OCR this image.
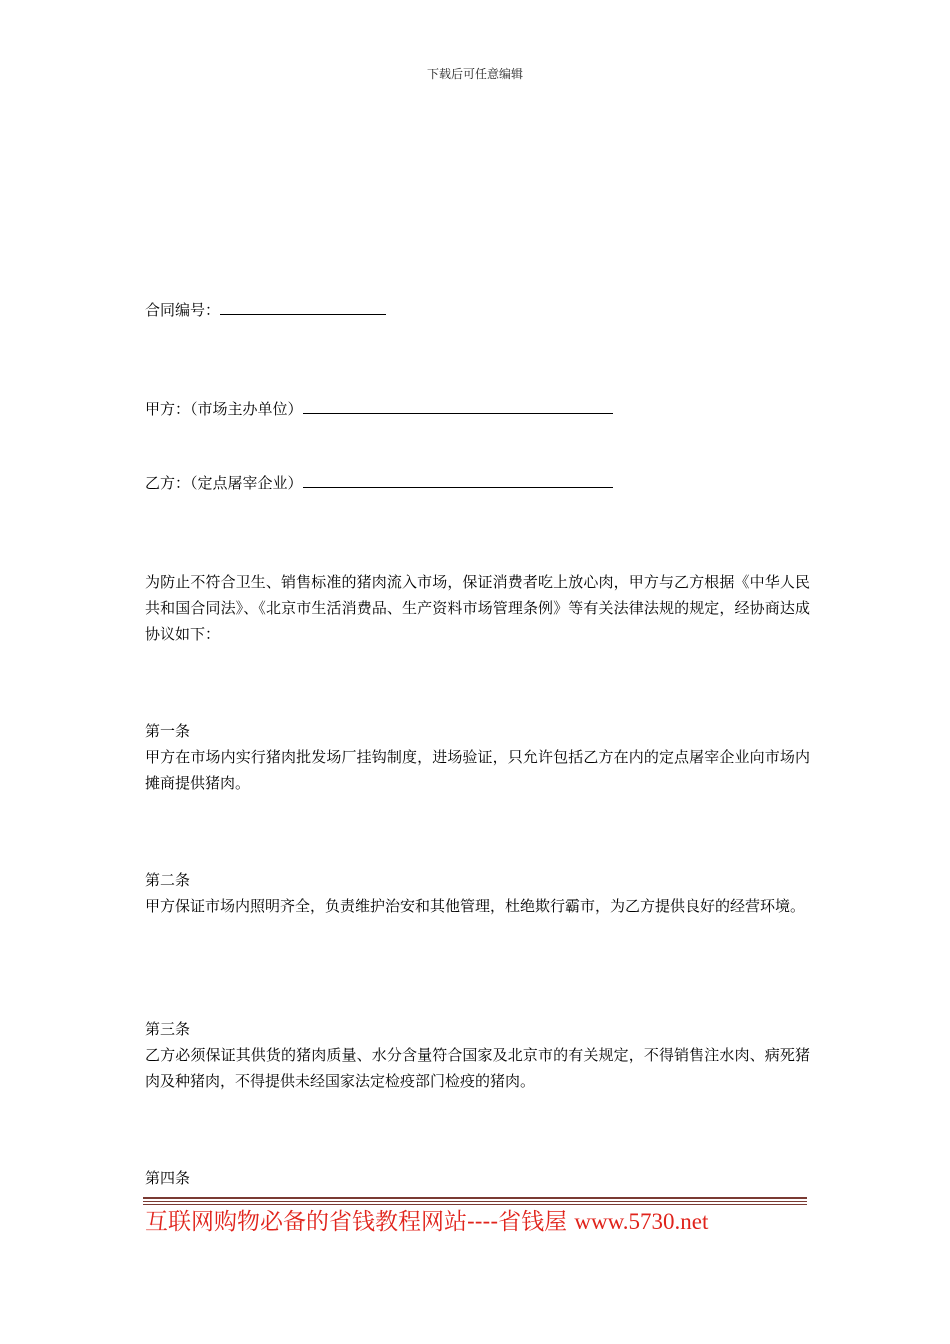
下载后可任意编辑
合同编号：
甲方：（市场主办单位）
乙方：（定点屠宰企业）

为防止不符合卫生、销售标准的猪肉流入市场，保证消费者吃上放心肉，甲方与乙方根据《中华人民共和国合同法》、《北京市生活消费品、生产资料市场管理条例》等有关法律法规的规定，经协商达成协议如下：

第一条

甲方在市场内实行猪肉批发场厂挂钩制度，进场验证，只允许包括乙方在内的定点屠宰企业向市场内摊商提供猪肉。

第二条

甲方保证市场内照明齐全，负责维护治安和其他管理，杜绝欺行霸市，为乙方提供良好的经营环境。

第三条

乙方必须保证其供货的猪肉质量、水分含量符合国家及北京市的有关规定，不得销售注水肉、病死猪肉及种猪肉，不得提供未经国家法定检疫部门检疫的猪肉。

第四条

互联网购物必备的省钱教程网站----省钱屋 www.5730.net
